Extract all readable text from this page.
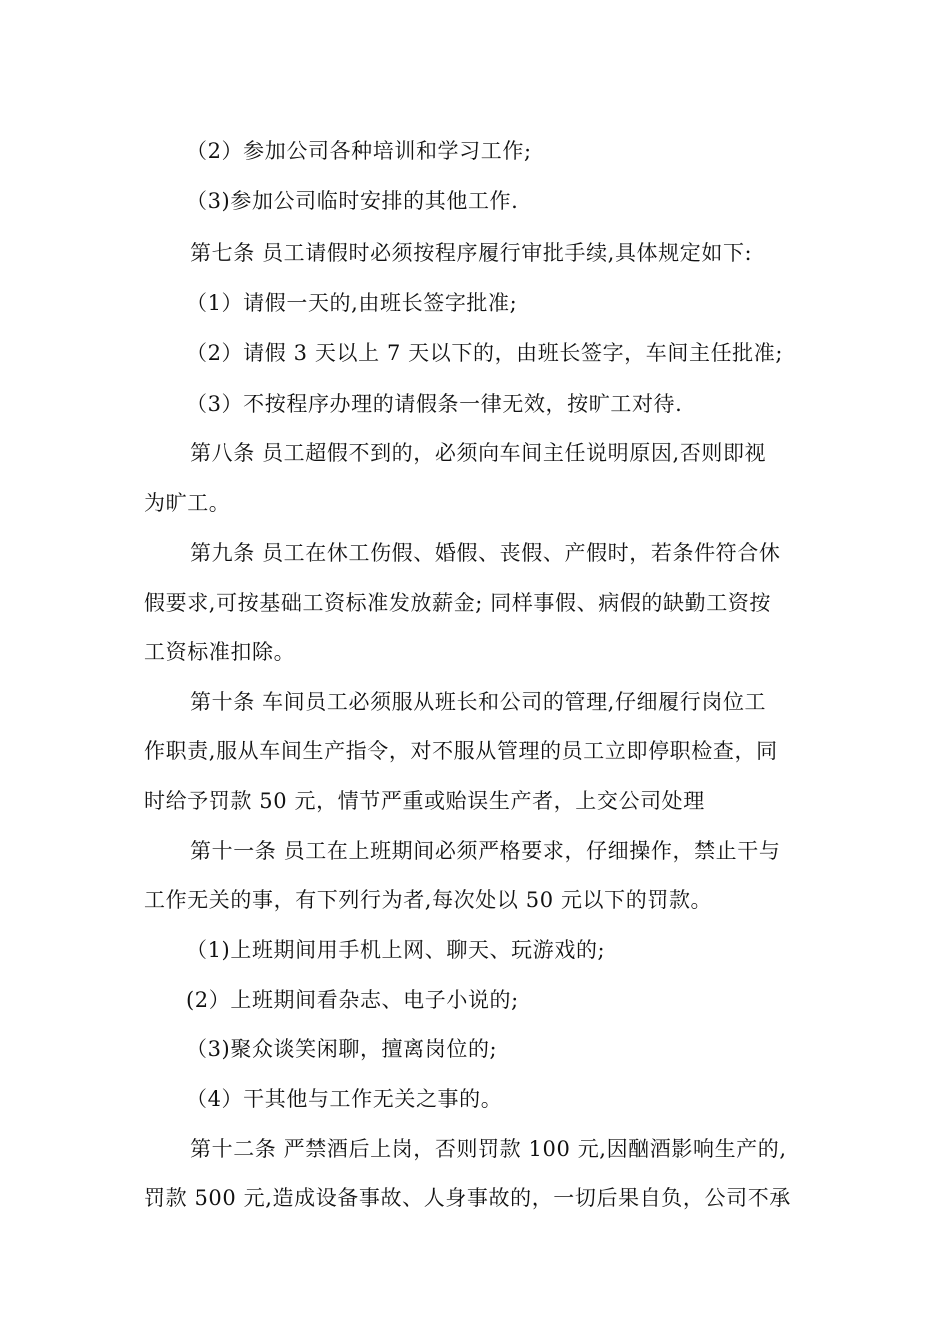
（2）参加公司各种培训和学习工作;
（3)参加公司临时安排的其他工作.
第七条 员工请假时必须按程序履行审批手续,具体规定如下:
（1）请假一天的,由班长签字批准;
（2）请假 3 天以上 7 天以下的，由班长签字，车间主任批准;
（3）不按程序办理的请假条一律无效，按旷工对待.
第八条 员工超假不到的，必须向车间主任说明原因,否则即视
为旷工。
第九条 员工在休工伤假、婚假、丧假、产假时，若条件符合休
假要求,可按基础工资标准发放薪金; 同样事假、病假的缺勤工资按
工资标准扣除。
第十条 车间员工必须服从班长和公司的管理,仔细履行岗位工
作职责,服从车间生产指令，对不服从管理的员工立即停职检查，同
时给予罚款 50 元，情节严重或贻误生产者，上交公司处理
第十一条 员工在上班期间必须严格要求，仔细操作，禁止干与
工作无关的事，有下列行为者,每次处以 50 元以下的罚款。
（1)上班期间用手机上网、聊天、玩游戏的;
(2）上班期间看杂志、电子小说的;
（3)聚众谈笑闲聊，擅离岗位的;
（4）干其他与工作无关之事的。
第十二条 严禁酒后上岗，否则罚款 100 元,因酗酒影响生产的,
罚款 500 元,造成设备事故、人身事故的，一切后果自负，公司不承
